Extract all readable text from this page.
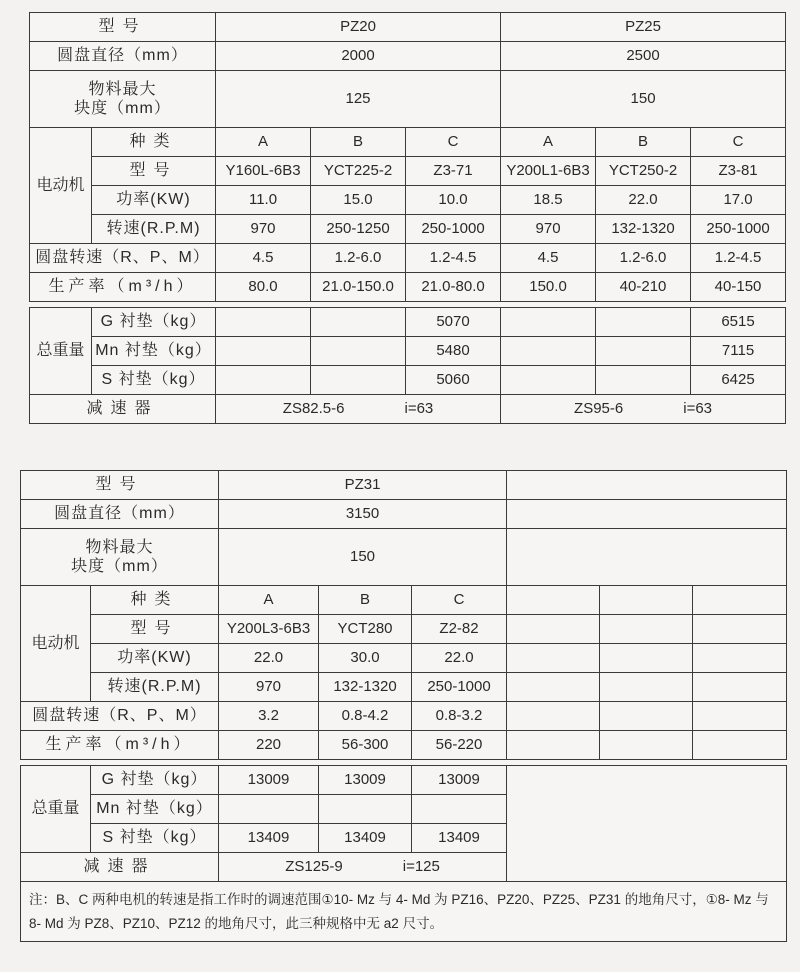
型号		PZ20			PZ25		
圆盘直径（mm）		2000			2500		

物料最大
块度（mm）		125			150		
电动机	种类	A	B	C	A	B	C
	型号	Y160L-6B3	YCT225-2	Z3-71	Y200L1-6B3	YCT250-2	Z3-81
	功率(KW)	11.0	15.0	10.0	18.5	22.0	17.0
	转速(R.P.M)	970	250-1250	250-1000	970	132-1320	250-1000
圆盘转速（R、P、M）		4.5	1.2-6.0	1.2-4.5	4.5	1.2-6.0	1.2-4.5
生产率（m³/h）		80.0	21.0-150.0	21.0-80.0	150.0	40-210	40-150

总重量	G 衬垫（kg）			5070			6515
	Mn 衬垫（kg）			5480			7115
	S 衬垫（kg）			5060			6425
减速器		ZS82.5-6 i=63			ZS95-6 i=63		
型号		PZ31					
圆盘直径（mm）		3150					

物料最大
块度（mm）		150					
电动机	种类	A	B	C			
	型号	Y200L3-6B3	YCT280	Z2-82			
	功率(KW)	22.0	30.0	22.0			
	转速(R.P.M)	970	132-1320	250-1000			
圆盘转速（R、P、M）		3.2	0.8-4.2	0.8-3.2			
生产率（m³/h）		220	56-300	56-220			

总重量	G 衬垫（kg）	13009	13009	13009			
	Mn 衬垫（kg）						
	S 衬垫（kg）	13409	13409	13409			
减速器		ZS125-9 i=125					
注：B、C 两种电机的转速是指工作时的调速范围①10- Mz 与 4- Md 为 PZ16、PZ20、PZ25、PZ31 的地角尺寸，①8- Mz 与 8- Md 为 PZ8、PZ10、PZ12 的地角尺寸，此三种规格中无 a2 尺寸。							
